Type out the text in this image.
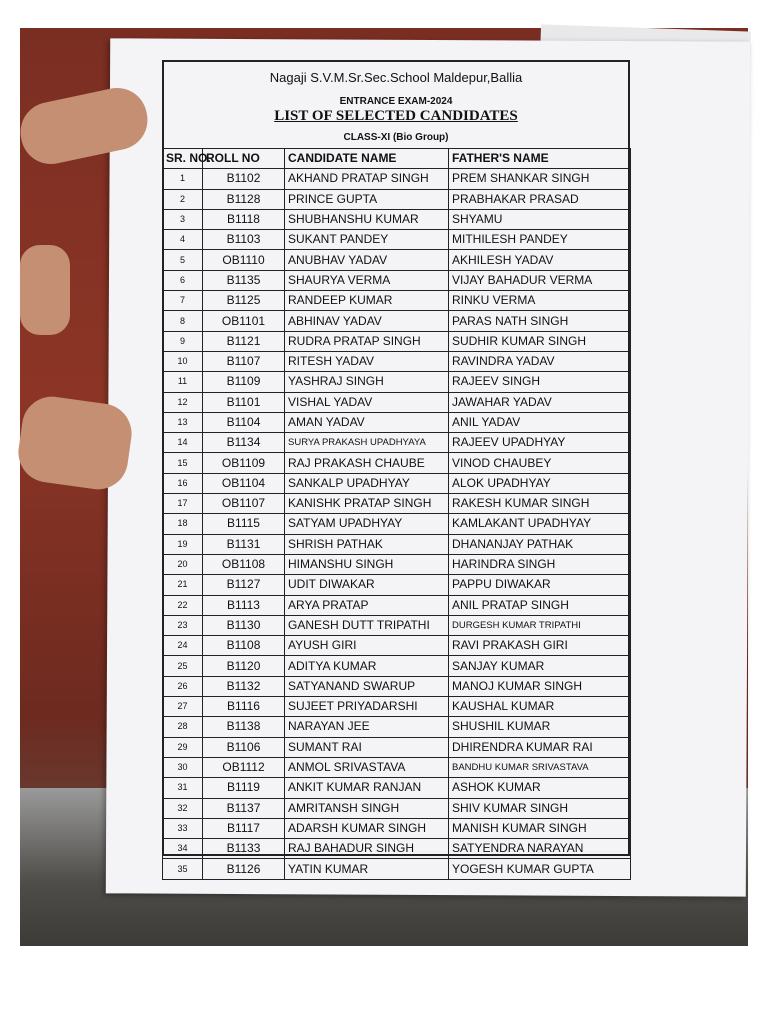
Nagaji S.V.M.Sr.Sec.School Maldepur,Ballia
ENTRANCE EXAM-2024
LIST OF SELECTED CANDIDATES
CLASS-XI (Bio Group)
SR. NO.	ROLL NO	CANDIDATE NAME	FATHER'S NAME
1	B1102	AKHAND PRATAP SINGH	PREM SHANKAR SINGH
2	B1128	PRINCE GUPTA	PRABHAKAR PRASAD
3	B1118	SHUBHANSHU KUMAR	SHYAMU
4	B1103	SUKANT PANDEY	MITHILESH PANDEY
5	OB1110	ANUBHAV YADAV	AKHILESH YADAV
6	B1135	SHAURYA VERMA	VIJAY BAHADUR VERMA
7	B1125	RANDEEP KUMAR	RINKU VERMA
8	OB1101	ABHINAV YADAV	PARAS NATH SINGH
9	B1121	RUDRA PRATAP SINGH	SUDHIR KUMAR SINGH
10	B1107	RITESH YADAV	RAVINDRA YADAV
11	B1109	YASHRAJ SINGH	RAJEEV SINGH
12	B1101	VISHAL YADAV	JAWAHAR YADAV
13	B1104	AMAN YADAV	ANIL YADAV
14	B1134	SURYA PRAKASH UPADHYAYA	RAJEEV UPADHYAY
15	OB1109	RAJ PRAKASH CHAUBE	VINOD CHAUBEY
16	OB1104	SANKALP UPADHYAY	ALOK UPADHYAY
17	OB1107	KANISHK PRATAP SINGH	RAKESH KUMAR SINGH
18	B1115	SATYAM UPADHYAY	KAMLAKANT UPADHYAY
19	B1131	SHRISH PATHAK	DHANANJAY PATHAK
20	OB1108	HIMANSHU SINGH	HARINDRA SINGH
21	B1127	UDIT DIWAKAR	PAPPU DIWAKAR
22	B1113	ARYA PRATAP	ANIL PRATAP SINGH
23	B1130	GANESH DUTT TRIPATHI	DURGESH KUMAR TRIPATHI
24	B1108	AYUSH GIRI	RAVI PRAKASH GIRI
25	B1120	ADITYA KUMAR	SANJAY KUMAR
26	B1132	SATYANAND SWARUP	MANOJ KUMAR SINGH
27	B1116	SUJEET PRIYADARSHI	KAUSHAL KUMAR
28	B1138	NARAYAN JEE	SHUSHIL KUMAR
29	B1106	SUMANT RAI	DHIRENDRA KUMAR RAI
30	OB1112	ANMOL SRIVASTAVA	BANDHU KUMAR SRIVASTAVA
31	B1119	ANKIT KUMAR RANJAN	ASHOK KUMAR
32	B1137	AMRITANSH SINGH	SHIV KUMAR SINGH
33	B1117	ADARSH KUMAR SINGH	MANISH KUMAR SINGH
34	B1133	RAJ BAHADUR SINGH	SATYENDRA NARAYAN
35	B1126	YATIN KUMAR	YOGESH KUMAR GUPTA
